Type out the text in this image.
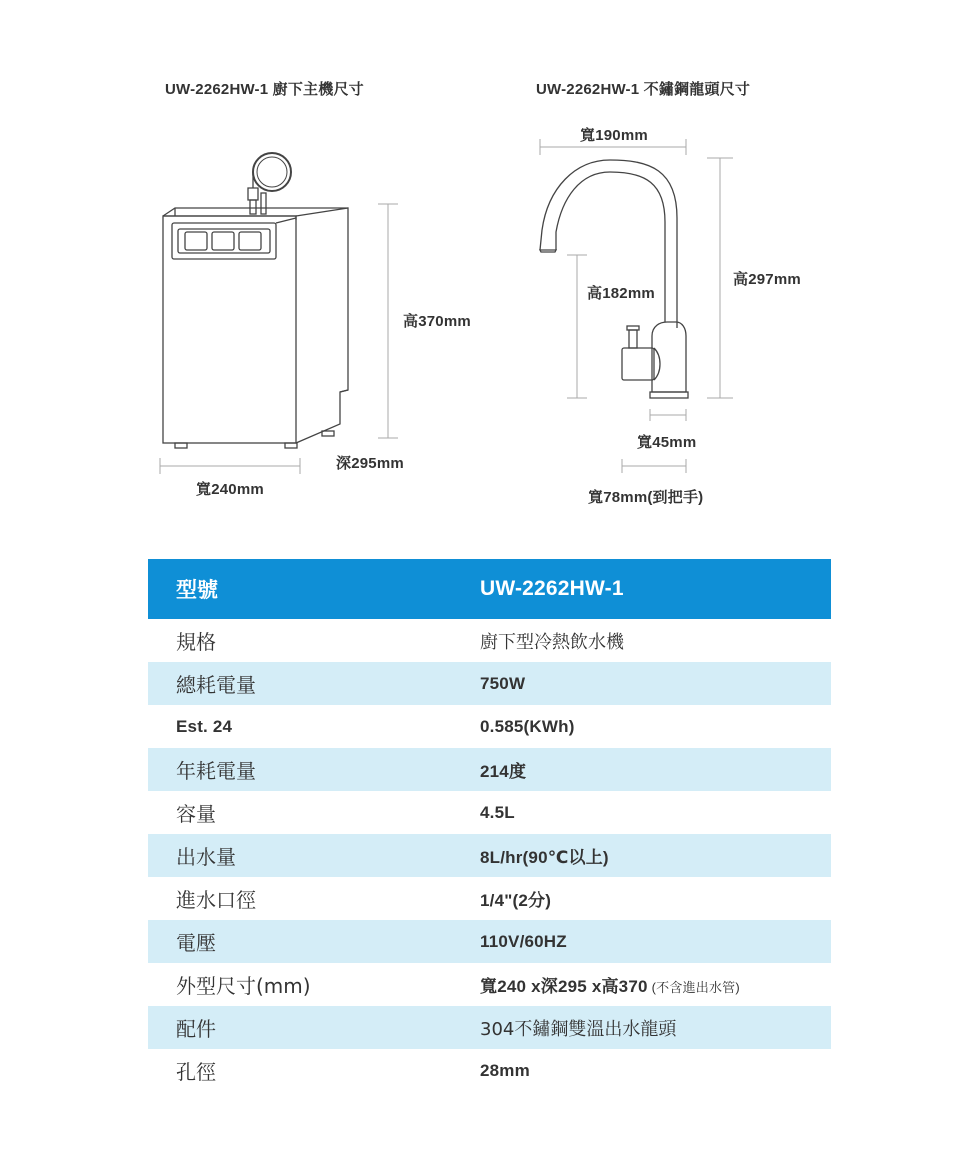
UW-2262HW-1 廚下主機尺寸	UW-2262HW-1 不鏽鋼龍頭尺寸
高370mm
深295mm
寬240mm
寬190mm
高182mm
高297mm
寬45mm
寬78mm(到把手)
型號	UW-2262HW-1
規格	廚下型冷熱飲水機
總耗電量	750W
Est. 24	0.585(KWh)
年耗電量	214度
容量	4.5L
出水量	8L/hr(90℃以上)
進水口徑	1/4"(2分)
電壓	110V/60HZ
外型尺寸(mm)	寬240 x深295 x高370 (不含進出水管)
配件	304不鏽鋼雙溫出水龍頭
孔徑	28mm
